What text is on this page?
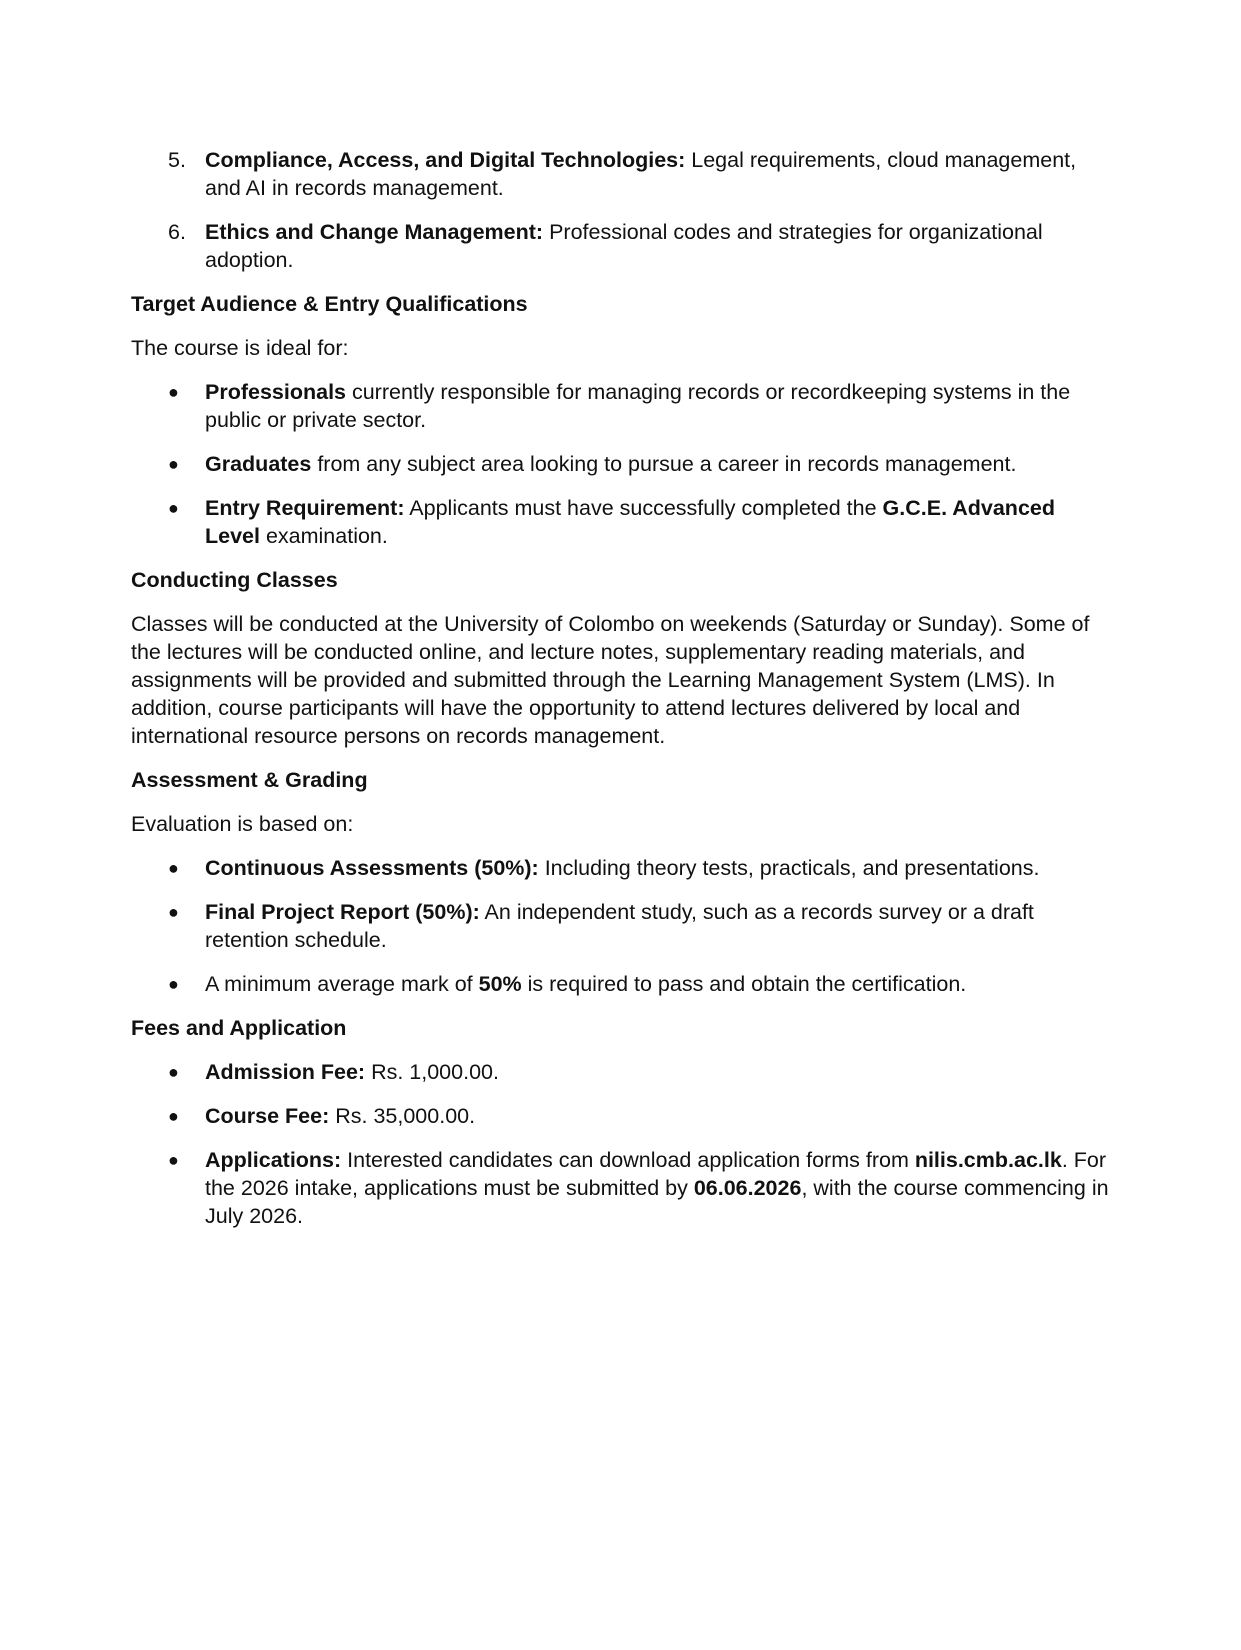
5. Compliance, Access, and Digital Technologies: Legal requirements, cloud management, and AI in records management.
6. Ethics and Change Management: Professional codes and strategies for organizational adoption.

Target Audience & Entry Qualifications

The course is ideal for:

● Professionals currently responsible for managing records or recordkeeping systems in the public or private sector.
● Graduates from any subject area looking to pursue a career in records management.
● Entry Requirement: Applicants must have successfully completed the G.C.E. Advanced Level examination.

Conducting Classes

Classes will be conducted at the University of Colombo on weekends (Saturday or Sunday). Some of the lectures will be conducted online, and lecture notes, supplementary reading materials, and assignments will be provided and submitted through the Learning Management System (LMS). In addition, course participants will have the opportunity to attend lectures delivered by local and international resource persons on records management.

Assessment & Grading

Evaluation is based on:

● Continuous Assessments (50%): Including theory tests, practicals, and presentations.
● Final Project Report (50%): An independent study, such as a records survey or a draft retention schedule.
● A minimum average mark of 50% is required to pass and obtain the certification.

Fees and Application

● Admission Fee: Rs. 1,000.00.
● Course Fee: Rs. 35,000.00.
● Applications: Interested candidates can download application forms from nilis.cmb.ac.lk. For the 2026 intake, applications must be submitted by 06.06.2026, with the course commencing in July 2026.
